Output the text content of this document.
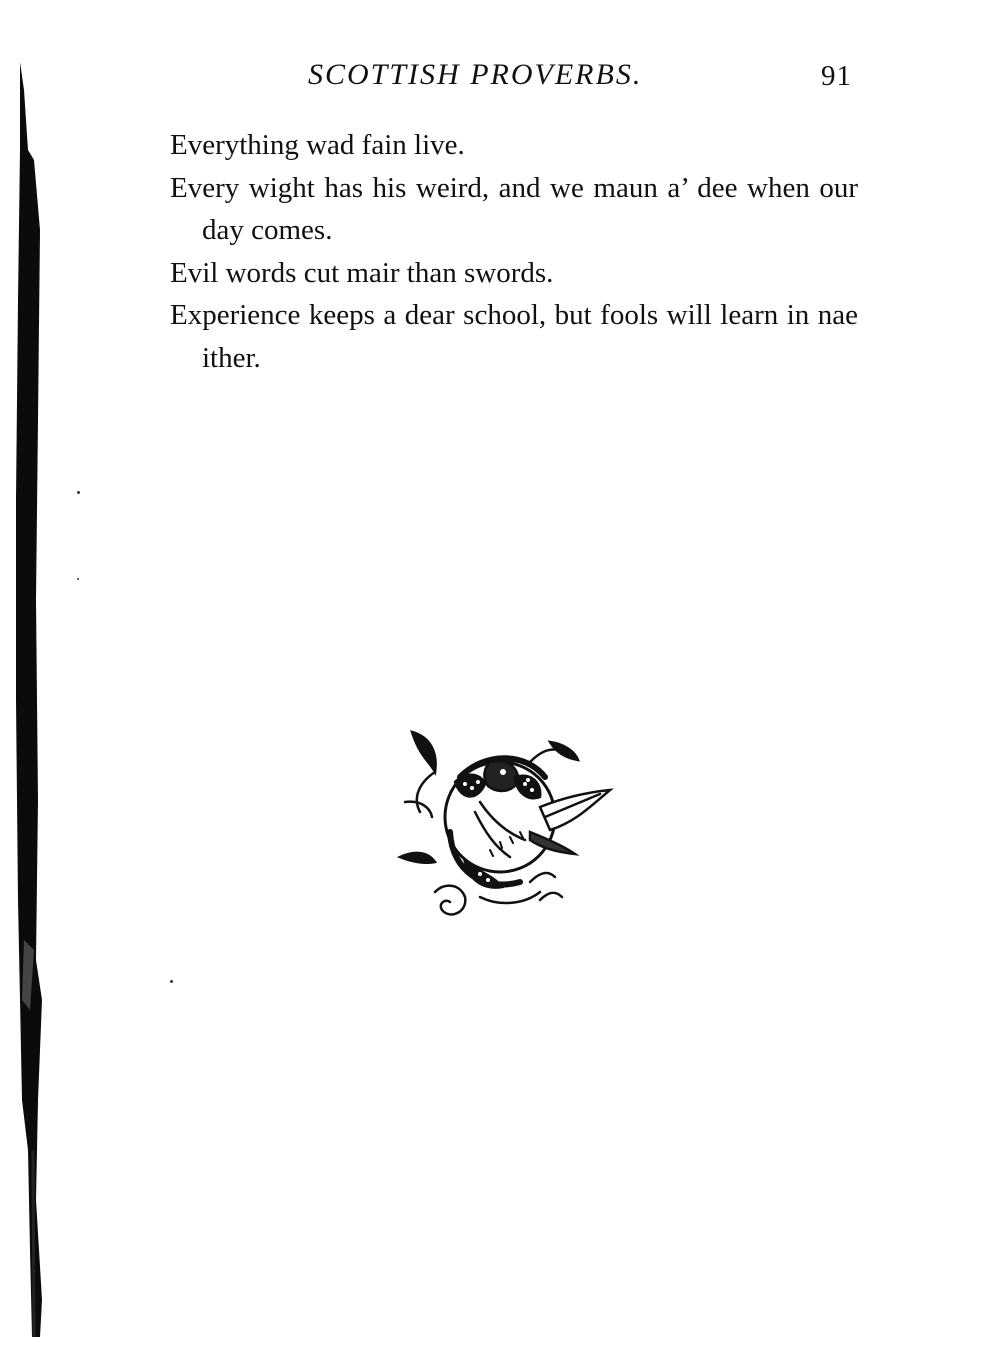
SCOTTISH PROVERBS.	91
Everything wad fain live.
Every wight has his weird, and we maun a’ dee when our day comes.
Evil words cut mair than swords.
Experience keeps a dear school, but fools will learn in nae ither.
